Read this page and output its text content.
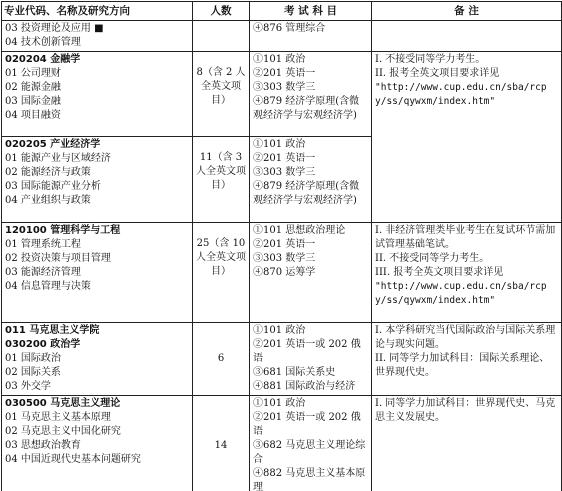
专业代码、名称及研究方向	人数	考 试 科 目	备 注

03 投资理论及应用 ■
04 技术创新管理		④876 管理综合	

020204 金融学
01 公司理财
02 能源金融
03 国际金融
04 项目融资	8（含 2 人全英文项目）	①101 政治
②201 英语一
③303 数学三
④879 经济学原理(含微观经济学与宏观经济学)	I. 不接受同等学力考生。
II. 报考全英文项目要求详见
"http://www.cup.edu.cn/sba/rcpy/ss/qywxm/index.htm"

020205 产业经济学
01 能源产业与区域经济
02 能源经济与政策
03 国际能源产业分析
04 产业组织与政策	11（含 3 人全英文项目）	①101 政治
②201 英语一
③303 数学三
④879 经济学原理(含微观经济学与宏观经济学)	

120100 管理科学与工程
01 管理系统工程
02 投资决策与项目管理
03 能源经济管理
04 信息管理与决策	25（含 10 人全英文项目）	①101 思想政治理论
②201 英语一
③303 数学三
④870 运筹学	I. 非经济管理类毕业考生在复试环节需加试管理基础笔试。
II. 不接受同等学力考生。
III. 报考全英文项目要求详见
"http://www.cup.edu.cn/sba/rcpy/ss/qywxm/index.htm"

011 马克思主义学院
030200 政治学
01 国际政治
02 国际关系
03 外交学	6	①101 政治
②201 英语一或 202 俄语
③681 国际关系史
④881 国际政治与经济	I. 本学科研究当代国际政治与国际关系理论与现实问题。
II. 同等学力加试科目：国际关系理论、世界现代史。

030500 马克思主义理论
01 马克思主义基本原理
02 马克思主义中国化研究
03 思想政治教育
04 中国近现代史基本问题研究	14	①101 政治
②201 英语一或 202 俄语
③682 马克思主义理论综合
④882 马克思主义基本原理	I. 同等学力加试科目：世界现代史、马克思主义发展史。
